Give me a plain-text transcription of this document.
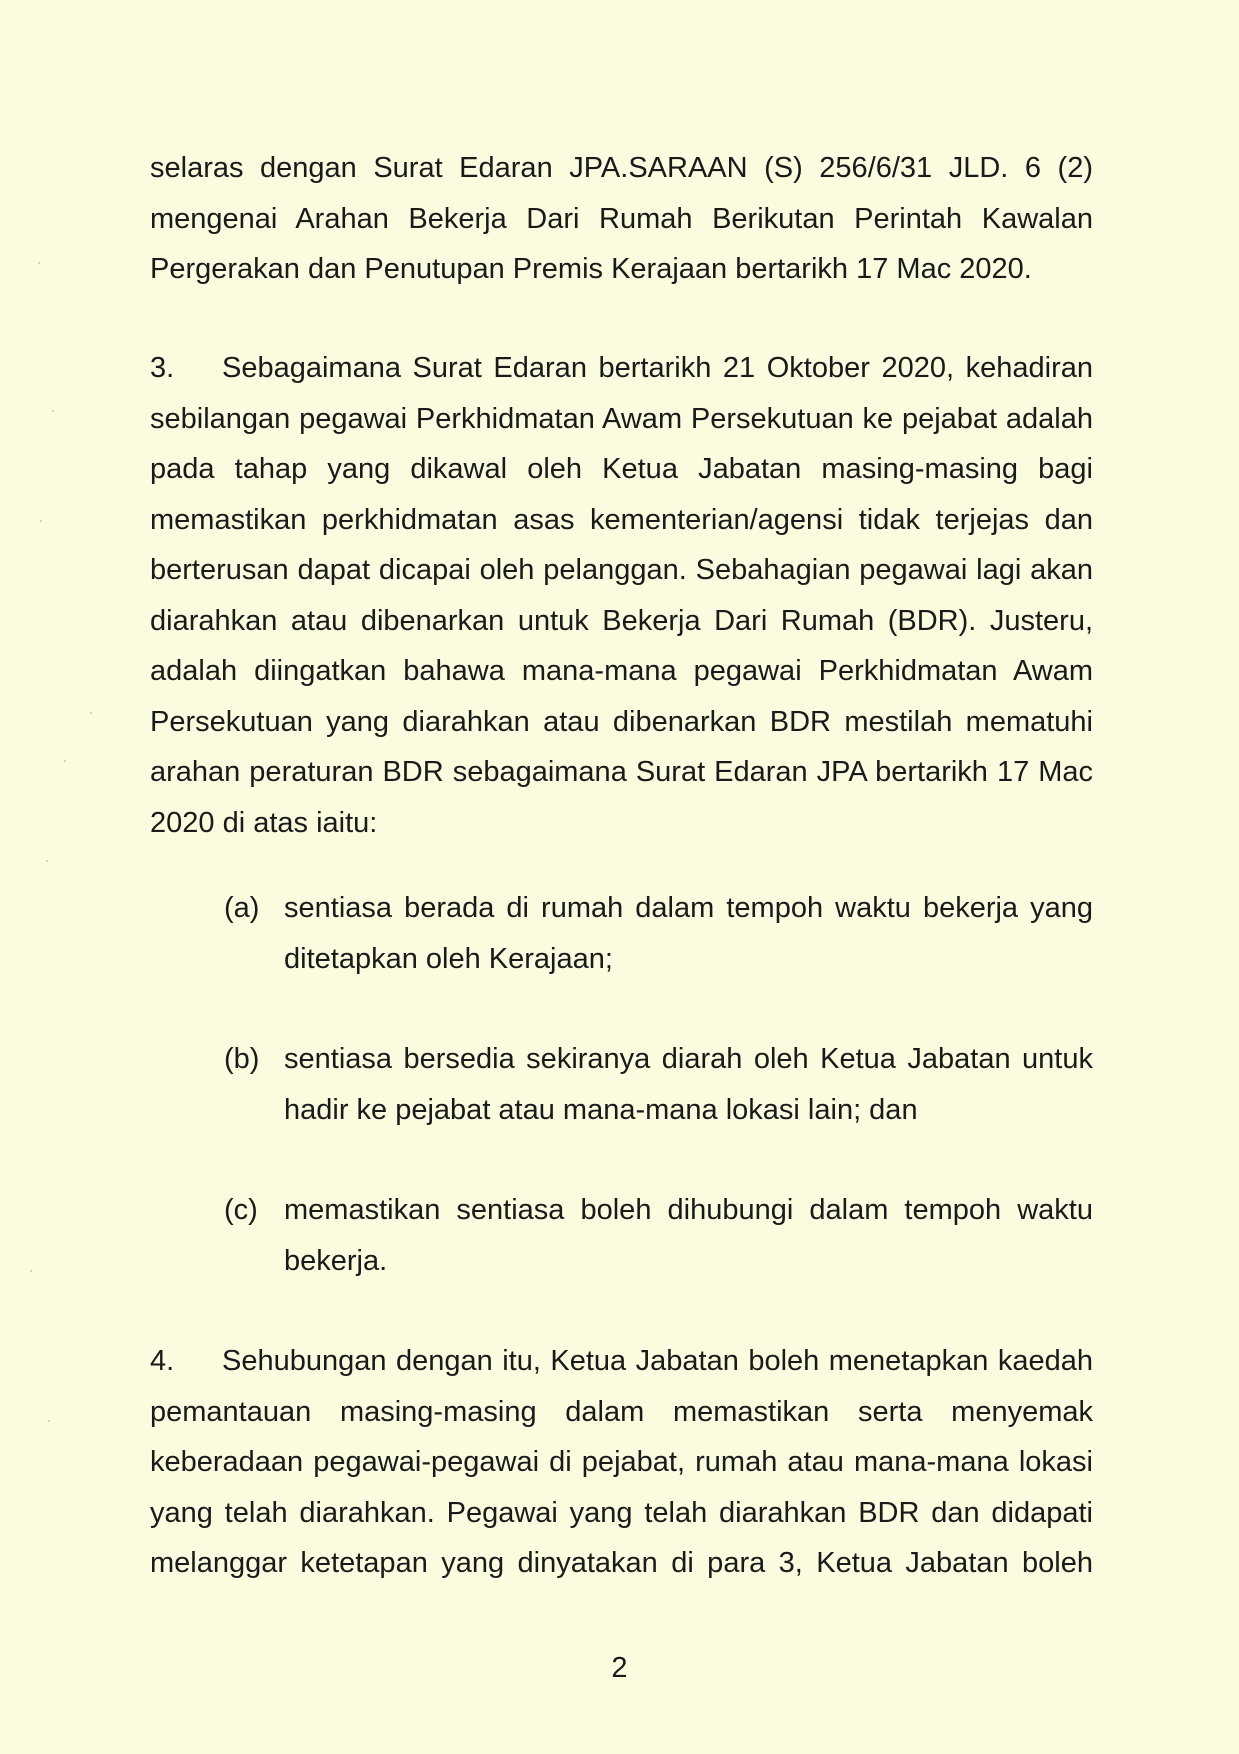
selaras dengan Surat Edaran JPA.SARAAN (S) 256/6/31 JLD. 6 (2)
mengenai Arahan Bekerja Dari Rumah Berikutan Perintah Kawalan
Pergerakan dan Penutupan Premis Kerajaan bertarikh 17 Mac 2020.
3. Sebagaimana Surat Edaran bertarikh 21 Oktober 2020, kehadiran
sebilangan pegawai Perkhidmatan Awam Persekutuan ke pejabat adalah
pada tahap yang dikawal oleh Ketua Jabatan masing-masing bagi
memastikan perkhidmatan asas kementerian/agensi tidak terjejas dan
berterusan dapat dicapai oleh pelanggan. Sebahagian pegawai lagi akan
diarahkan atau dibenarkan untuk Bekerja Dari Rumah (BDR). Justeru,
adalah diingatkan bahawa mana-mana pegawai Perkhidmatan Awam
Persekutuan yang diarahkan atau dibenarkan BDR mestilah mematuhi
arahan peraturan BDR sebagaimana Surat Edaran JPA bertarikh 17 Mac
2020 di atas iaitu:
(a) sentiasa berada di rumah dalam tempoh waktu bekerja yang
ditetapkan oleh Kerajaan;
(b) sentiasa bersedia sekiranya diarah oleh Ketua Jabatan untuk
hadir ke pejabat atau mana-mana lokasi lain; dan
(c) memastikan sentiasa boleh dihubungi dalam tempoh waktu
bekerja.
4. Sehubungan dengan itu, Ketua Jabatan boleh menetapkan kaedah
pemantauan masing-masing dalam memastikan serta menyemak
keberadaan pegawai-pegawai di pejabat, rumah atau mana-mana lokasi
yang telah diarahkan. Pegawai yang telah diarahkan BDR dan didapati
melanggar ketetapan yang dinyatakan di para 3, Ketua Jabatan boleh
2
